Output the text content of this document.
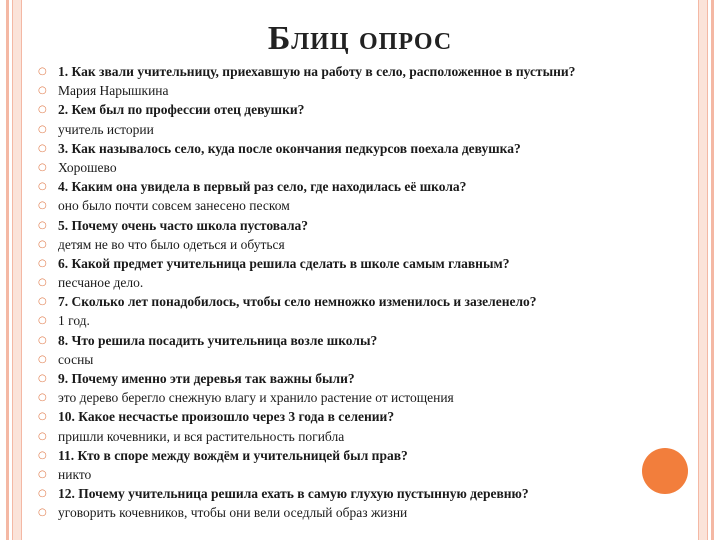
Блиц опрос
○ 1. Как звали учительницу, приехавшую на работу в село, расположенное в пустыни?
○ Мария Нарышкина
○ 2. Кем был по профессии отец девушки?
○ учитель истории
○ 3. Как называлось село, куда после окончания педкурсов поехала девушка?
○ Хорошево
○ 4. Каким она увидела в первый раз село, где находилась её школа?
○ оно было почти совсем занесено песком
○ 5. Почему очень часто школа пустовала?
○ детям не во что было одеться и обуться
○ 6. Какой предмет учительница решила сделать в школе самым главным?
○ песчаное дело.
○ 7. Сколько лет понадобилось, чтобы село немножко изменилось и зазеленело?
○ 1 год.
○ 8. Что решила посадить учительница возле школы?
○ сосны
○ 9. Почему именно эти деревья так важны были?
○ это дерево берегло снежную влагу и хранило растение от истощения
○ 10. Какое несчастье произошло через 3 года в селении?
○ пришли кочевники, и вся растительность погибла
○ 11. Кто в споре между вождём и учительницей был прав?
○ никто
○ 12. Почему учительница решила ехать в самую глухую пустынную деревню?
○ уговорить кочевников, чтобы они вели оседлый образ жизни
